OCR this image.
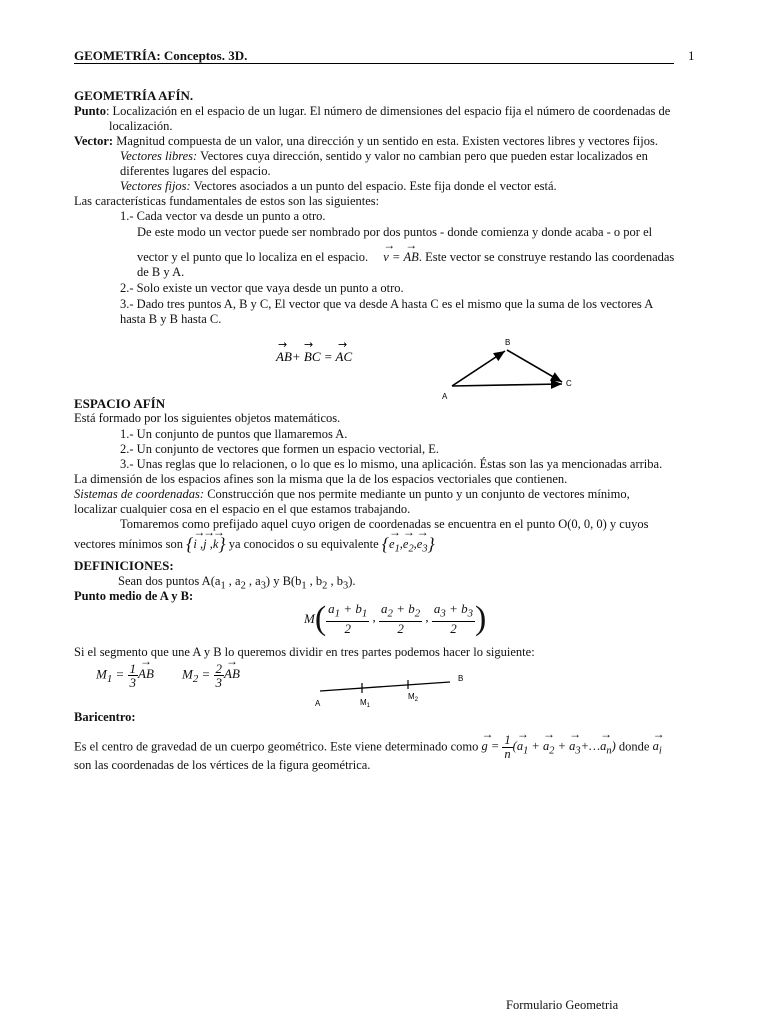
GEOMETRÍA: Conceptos. 3D.	1
GEOMETRÍA AFÍN.
Punto: Localización en el espacio de un lugar. El número de dimensiones del espacio fija el número de coordenadas de
localización.
Vector: Magnitud compuesta de un valor, una dirección y un sentido en esta. Existen vectores libres y vectores fijos.
Vectores libres: Vectores cuya dirección, sentido y valor no cambian pero que pueden estar localizados en
diferentes lugares del espacio.
Vectores fijos: Vectores asociados a un punto del espacio. Este fija donde el vector está.
Las características fundamentales de estos son las siguientes:
1.- Cada vector va desde un punto a otro.
De este modo un vector puede ser nombrado por dos puntos - donde comienza y donde acaba - o por el
vector y el punto que lo localiza en el espacio. → v = → AB. Este vector se construye restando las coordenadas
de B y A.
2.- Solo existe un vector que vaya desde un punto a otro.
3.- Dado tres puntos A, B y C, El vector que va desde A hasta C es el mismo que la suma de los vectores A
hasta B y B hasta C.
AB+ BC = AC
→ → →
A
B
C
ESPACIO AFÍN
Está formado por los siguientes objetos matemáticos.
1.- Un conjunto de puntos que llamaremos A.
2.- Un conjunto de vectores que formen un espacio vectorial, E.
3.- Unas reglas que lo relacionen, o lo que es lo mismo, una aplicación. Éstas son las ya mencionadas arriba.
La dimensión de los espacios afines son la misma que la de los espacios vectoriales que contienen.
Sistemas de coordenadas: Construcción que nos permite mediante un punto y un conjunto de vectores mínimo,
localizar cualquier cosa en el espacio en el que estamos trabajando.
Tomaremos como prefijado aquel cuyo origen de coordenadas se encuentra en el punto O(0, 0, 0) y cuyos
vectores mínimos son {→ i ,→ j ,→ k} ya conocidos o su equivalente {→ $e_1,\to e_2,\to e_3$}
DEFINICIONES:
Sean dos puntos $A(a_1$ , $a_2$ , $a_3$) y $B(b_1$ , $b_2$ , $b_3$).
Punto medio de A y B:
$M( \frac{a_1 + b_1}{2}$ , $\frac{a_2 + b_2}{2}$ , $\frac{a_3 + b_3}{2}$ )
Si el segmento que une A y B lo queremos dividir en tres partes podemos hacer lo siguiente:
$M_1 = \frac{1}{3}$ → AB $M_2 = \frac{2}{3}$ → AB
A
B
$M_1$
$M_2$
Baricentro:
Es el centro de gravedad de un cuerpo geométrico. Este viene determinado como → $g = \frac{1}{n}$ (→ $a_1$ + → $a_2$ + → $a_3+\dots\to a_n$) donde → $a_i$
son las coordenadas de los vértices de la figura geométrica.
Formulario Geometria
